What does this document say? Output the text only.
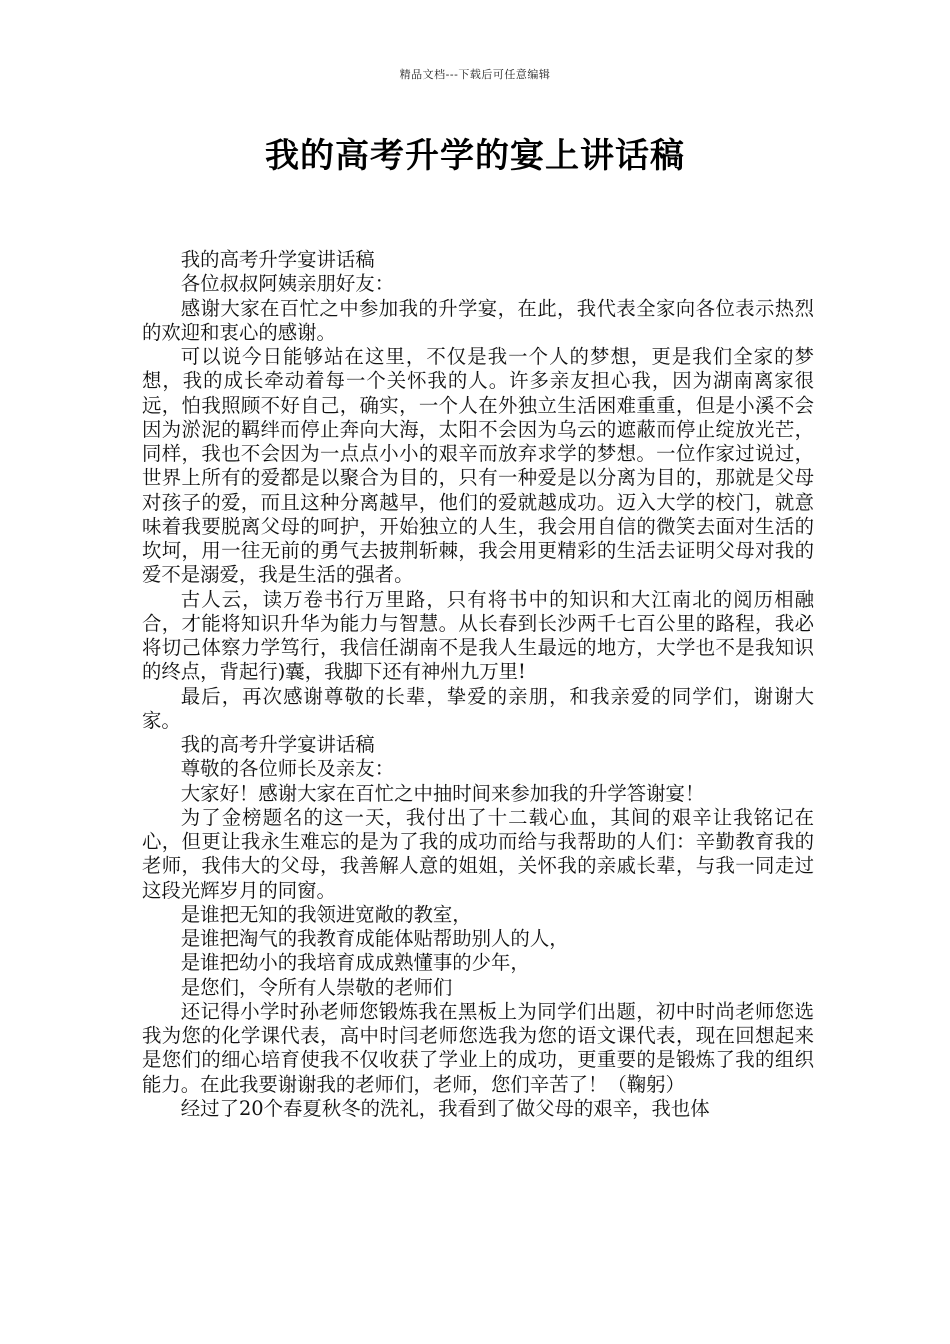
精品文档---下载后可任意编辑
我的高考升学的宴上讲话稿

我的高考升学宴讲话稿

各位叔叔阿姨亲朋好友：

感谢大家在百忙之中参加我的升学宴，在此，我代表全家向各位表示热烈的欢迎和衷心的感谢。

可以说今日能够站在这里，不仅是我一个人的梦想，更是我们全家的梦想，我的成长牵动着每一个关怀我的人。许多亲友担心我，因为湖南离家很远，怕我照顾不好自己，确实，一个人在外独立生活困难重重，但是小溪不会因为淤泥的羁绊而停止奔向大海，太阳不会因为乌云的遮蔽而停止绽放光芒，同样，我也不会因为一点点小小的艰辛而放弃求学的梦想。一位作家过说过，世界上所有的爱都是以聚合为目的，只有一种爱是以分离为目的，那就是父母对孩子的爱，而且这种分离越早，他们的爱就越成功。迈入大学的校门，就意味着我要脱离父母的呵护，开始独立的人生，我会用自信的微笑去面对生活的坎坷，用一往无前的勇气去披荆斩棘，我会用更精彩的生活去证明父母对我的爱不是溺爱，我是生活的强者。

古人云，读万卷书行万里路，只有将书中的知识和大江南北的阅历相融合，才能将知识升华为能力与智慧。从长春到长沙两千七百公里的路程，我必将切己体察力学笃行，我信任湖南不是我人生最远的地方，大学也不是我知识的终点，背起行)囊，我脚下还有神州九万里!

最后，再次感谢尊敬的长辈，挚爱的亲朋，和我亲爱的同学们，谢谢大家。

我的高考升学宴讲话稿

尊敬的各位师长及亲友：

大家好！感谢大家在百忙之中抽时间来参加我的升学答谢宴！

为了金榜题名的这一天，我付出了十二载心血，其间的艰辛让我铭记在心，但更让我永生难忘的是为了我的成功而给与我帮助的人们：辛勤教育我的老师，我伟大的父母，我善解人意的姐姐，关怀我的亲戚长辈，与我一同走过这段光辉岁月的同窗。

是谁把无知的我领进宽敞的教室，

是谁把淘气的我教育成能体贴帮助别人的人，

是谁把幼小的我培育成成熟懂事的少年，

是您们，令所有人崇敬的老师们

还记得小学时孙老师您锻炼我在黑板上为同学们出题，初中时尚老师您选我为您的化学课代表，高中时闫老师您选我为您的语文课代表，现在回想起来是您们的细心培育使我不仅收获了学业上的成功，更重要的是锻炼了我的组织能力。在此我要谢谢我的老师们，老师，您们辛苦了！（鞠躬）

经过了20个春夏秋冬的洗礼，我看到了做父母的艰辛，我也体
